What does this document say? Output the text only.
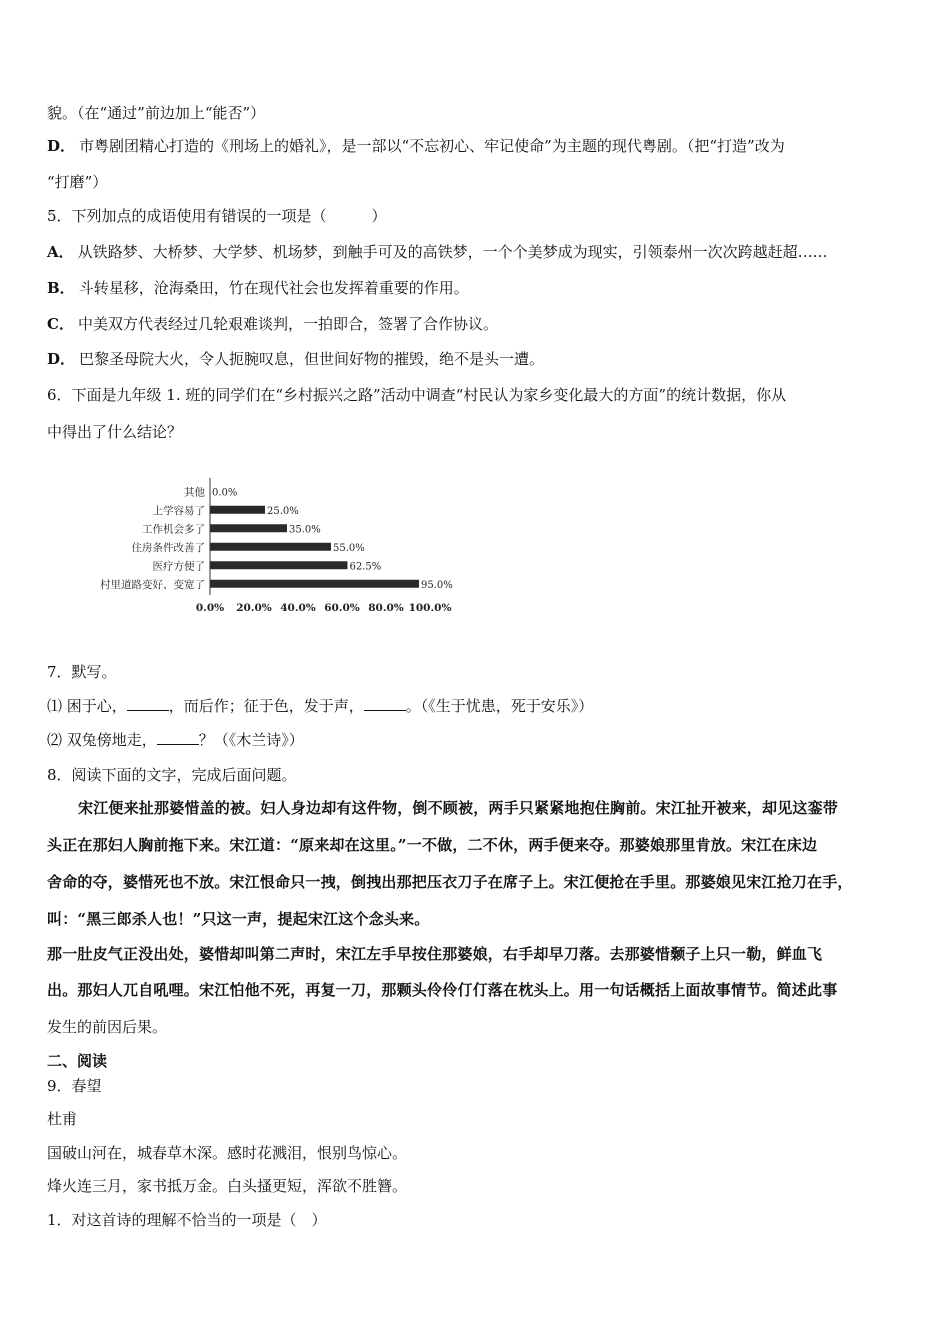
貌。（在“通过”前边加上“能否”）
D． 市粤剧团精心打造的《刑场上的婚礼》，是一部以“不忘初心、牢记使命”为主题的现代粤剧。（把“打造”改为
“打磨”）
5．下列加点的成语使用有错误的一项是（　　　）
A． 从铁路梦、大桥梦、大学梦、机场梦，到触手可及的高铁梦，一个个美梦成为现实，引领泰州一次次跨越赶超……
B． 斗转星移，沧海桑田，竹在现代社会也发挥着重要的作用。
C． 中美双方代表经过几轮艰难谈判，一拍即合，签署了合作协议。
D． 巴黎圣母院大火，令人扼腕叹息，但世间好物的摧毁，绝不是头一遭。
6．下面是九年级 1. 班的同学们在“乡村振兴之路”活动中调查“村民认为家乡变化最大的方面”的统计数据，你从
中得出了什么结论？
其他 0.0%
上学容易了	25.0%
工作机会多了	35.0%
住房条件改善了	55.0%
医疗方便了	62.5%
村里道路变好、变宽了	95.0%
0.0% 20.0% 40.0% 60.0% 80.0% 100.0%
7．默写。
⑴ 困于心，	，而后作；征于色，发于声，	。（《生于忧患，死于安乐》）
⑵ 双兔傍地走，	？（《木兰诗》）
8．阅读下面的文字，完成后面问题。
宋江便来扯那婆惜盖的被。妇人身边却有这件物，倒不顾被，两手只紧紧地抱住胸前。宋江扯开被来，却见这銮带
头正在那妇人胸前拖下来。宋江道：“原来却在这里。”一不做，二不休，两手便来夺。那婆娘那里肯放。宋江在床边
舍命的夺，婆惜死也不放。宋江恨命只一拽，倒拽出那把压衣刀子在席子上。宋江便抢在手里。那婆娘见宋江抢刀在手，
叫：“黑三郎杀人也！”只这一声，提起宋江这个念头来。
那一肚皮气正没出处，婆惜却叫第二声时，宋江左手早按住那婆娘，右手却早刀落。去那婆惜颡子上只一勒，鲜血飞
出。那妇人兀自吼哩。宋江怕他不死，再复一刀，那颗头伶伶仃仃落在枕头上。用一句话概括上面故事情节。简述此事
发生的前因后果。
二、阅读
9．春望
杜甫
国破山河在，城春草木深。感时花溅泪，恨别鸟惊心。
烽火连三月，家书抵万金。白头搔更短，浑欲不胜簪。
1．对这首诗的理解不恰当的一项是（　）
